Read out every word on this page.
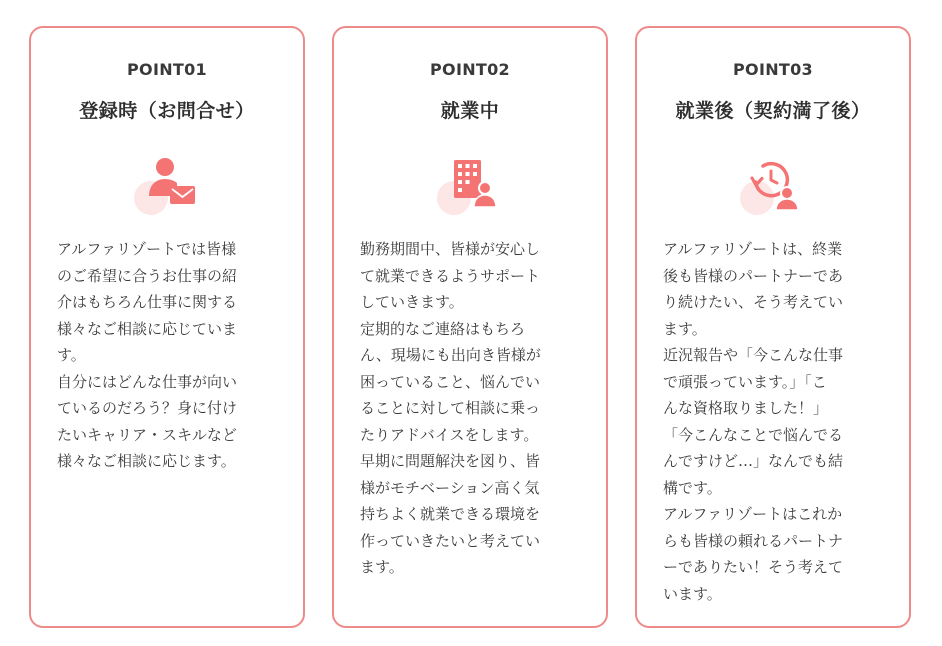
POINT01
登録時（お問合せ）
アルファリゾートでは皆様
のご希望に合うお仕事の紹
介はもちろん仕事に関する
様々なご相談に応じていま
す。
自分にはどんな仕事が向い
ているのだろう？身に付け
たいキャリア・スキルなど
様々なご相談に応じます。
POINT02
就業中
勤務期間中、皆様が安心し
て就業できるようサポート
していきます。
定期的なご連絡はもちろ
ん、現場にも出向き皆様が
困っていること、悩んでい
ることに対して相談に乗っ
たりアドバイスをします。
早期に問題解決を図り、皆
様がモチベーション高く気
持ちよく就業できる環境を
作っていきたいと考えてい
ます。
POINT03
就業後（契約満了後）
アルファリゾートは、終業
後も皆様のパートナーであ
り続けたい、そう考えてい
ます。
近況報告や「今こんな仕事
で頑張っています。」「こ
んな資格取りました！」
「今こんなことで悩んでる
んですけど…」なんでも結
構です。
アルファリゾートはこれか
らも皆様の頼れるパートナ
ーでありたい！そう考えて
います。
